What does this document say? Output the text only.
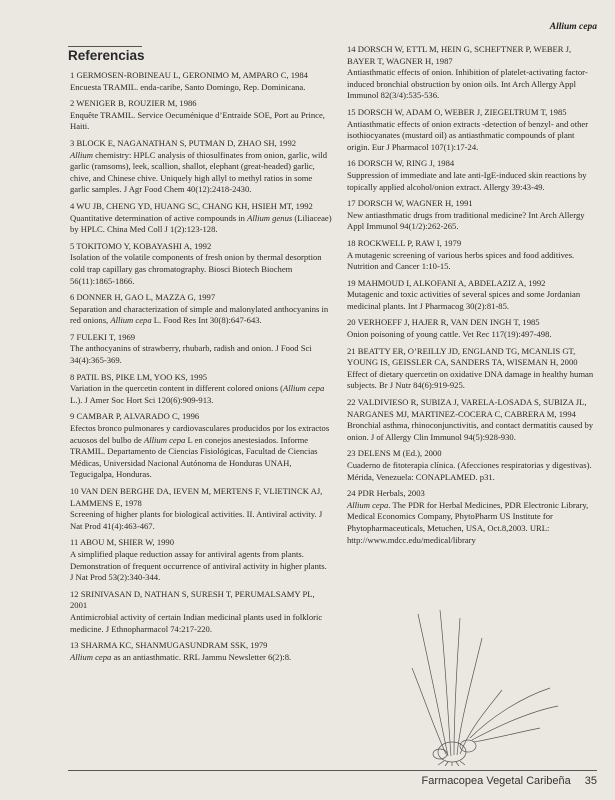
Allium cepa
Referencias
1 GERMOSEN-ROBINEAU L, GERONIMO M, AMPARO C, 1984
Encuesta TRAMIL. enda-caribe, Santo Domingo, Rep. Dominicana.
2 WENIGER B, ROUZIER M, 1986
Enquête TRAMIL. Service Oecuménique d’Entraide SOE, Port au Prince, Haiti.
3 BLOCK E, NAGANATHAN S, PUTMAN D, ZHAO SH, 1992
Allium chemistry: HPLC analysis of thiosulfinates from onion, garlic, wild garlic (ramsoms), leek, scallion, shallot, elephant (great-headed) garlic, chive, and Chinese chive. Uniquely high allyl to methyl ratios in some garlic samples. J Agr Food Chem 40(12):2418-2430.
4 WU JB, CHENG YD, HUANG SC, CHANG KH, HSIEH MT, 1992
Quantitative determination of active compounds in Allium genus (Liliaceae) by HPLC. China Med Coll J 1(2):123-128.
5 TOKITOMO Y, KOBAYASHI A, 1992
Isolation of the volatile components of fresh onion by thermal desorption cold trap capillary gas chromatography. Biosci Biotech Biochem 56(11):1865-1866.
6 DONNER H, GAO L, MAZZA G, 1997
Separation and characterization of simple and malonylated anthocyanins in red onions, Allium cepa L. Food Res Int 30(8):647-643.
7 FULEKI T, 1969
The anthocyanins of strawberry, rhubarb, radish and onion. J Food Sci 34(4):365-369.
8 PATIL BS, PIKE LM, YOO KS, 1995
Variation in the quercetin content in different colored onions (Allium cepa L.). J Amer Soc Hort Sci 120(6):909-913.
9 CAMBAR P, ALVARADO C, 1996
Efectos bronco pulmonares y cardiovasculares producidos por los extractos acuosos del bulbo de Allium cepa L en conejos anestesiados. Informe TRAMIL. Departamento de Ciencias Fisiológicas, Facultad de Ciencias Médicas, Universidad Nacional Autónoma de Honduras UNAH, Tegucigalpa, Honduras.
10 VAN DEN BERGHE DA, IEVEN M, MERTENS F, VLIETINCK AJ, LAMMENS E, 1978
Screening of higher plants for biological activities. II. Antiviral activity. J Nat Prod 41(4):463-467.
11 ABOU M, SHIER W, 1990
A simplified plaque reduction assay for antiviral agents from plants. Demonstration of frequent occurrence of antiviral activity in higher plants. J Nat Prod 53(2):340-344.
12 SRINIVASAN D, NATHAN S, SURESH T, PERUMALSAMY PL, 2001
Antimicrobial activity of certain Indian medicinal plants used in folkloric medicine. J Ethnopharmacol 74:217-220.
13 SHARMA KC, SHANMUGASUNDRAM SSK, 1979
Allium cepa as an antiasthmatic. RRL Jammu Newsletter 6(2):8.
14 DORSCH W, ETTL M, HEIN G, SCHEFTNER P, WEBER J, BAYER T, WAGNER H, 1987
Antiasthmatic effects of onion. Inhibition of platelet-activating factor-induced bronchial obstruction by onion oils. Int Arch Allergy Appl Immunol 82(3/4):535-536.
15 DORSCH W, ADAM O, WEBER J, ZIEGELTRUM T, 1985
Antiasthmatic effects of onion extracts -detection of benzyl- and other isothiocyanates (mustard oil) as antiasthmatic compounds of plant origin. Eur J Pharmacol 107(1):17-24.
16 DORSCH W, RING J, 1984
Suppression of immediate and late anti-IgE-induced skin reactions by topically applied alcohol/onion extract. Allergy 39:43-49.
17 DORSCH W, WAGNER H, 1991
New antiasthmatic drugs from traditional medicine? Int Arch Allergy Appl Immunol 94(1/2):262-265.
18 ROCKWELL P, RAW I, 1979
A mutagenic screening of various herbs spices and food additives. Nutrition and Cancer 1:10-15.
19 MAHMOUD I, ALKOFANI A, ABDELAZIZ A, 1992
Mutagenic and toxic activities of several spices and some Jordanian medicinal plants. Int J Pharmacog 30(2):81-85.
20 VERHOEFF J, HAJER R, VAN DEN INGH T, 1985
Onion poisoning of young cattle. Vet Rec 117(19):497-498.
21 BEATTY ER, O’REILLY JD, ENGLAND TG, MCANLIS GT, YOUNG IS, GEISSLER CA, SANDERS TA, WISEMAN H, 2000
Effect of dietary quercetin on oxidative DNA damage in healthy human subjects. Br J Nutr 84(6):919-925.
22 VALDIVIESO R, SUBIZA J, VARELA-LOSADA S, SUBIZA JL, NARGANES MJ, MARTINEZ-COCERA C, CABRERA M, 1994
Bronchial asthma, rhinoconjunctivitis, and contact dermatitis caused by onion. J of Allergy Clin Immunol 94(5):928-930.
23 DELENS M (Ed.), 2000
Cuaderno de fitoterapia clínica. (Afecciones respiratorias y digestivas). Mérida, Venezuela: CONAPLAMED. p31.
24 PDR Herbals, 2003
Allium cepa. The PDR for Herbal Medicines, PDR Electronic Library, Medical Economics Company, PhytoPharm US Institute for Phytopharmaceuticals, Metuchen, USA, Oct.8,2003. URL: http://www.mdcc.edu/medical/library
Farmacopea Vegetal Caribeña 35
